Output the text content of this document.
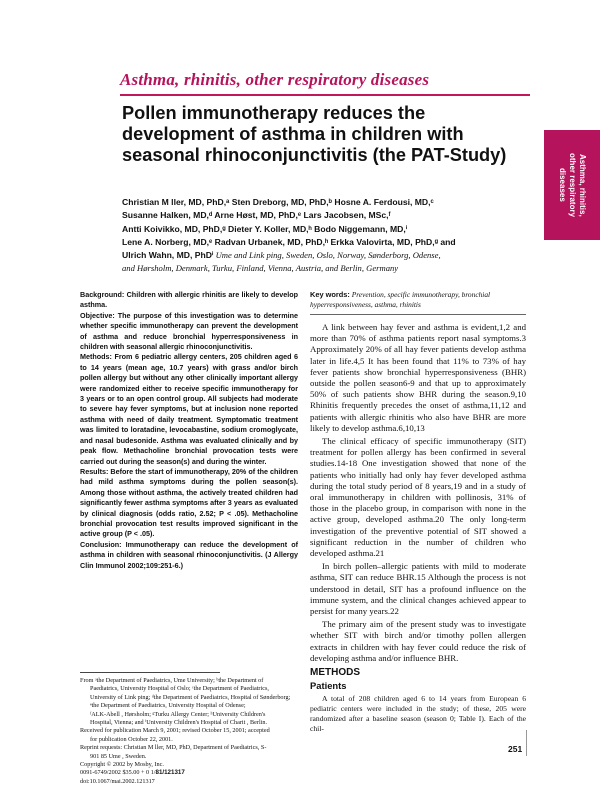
Asthma, rhinitis, other respiratory diseases
Pollen immunotherapy reduces the development of asthma in children with seasonal rhinoconjunctivitis (the PAT-Study)
Christian M ller, MD, PhD,ᵃ Sten Dreborg, MD, PhD,ᵇ Hosne A. Ferdousi, MD,ᶜ
Susanne Halken, MD,ᵈ Arne Høst, MD, PhD,ᵉ Lars Jacobsen, MSc,ᶠ
Antti Koivikko, MD, PhD,ᵍ Dieter Y. Koller, MD,ʰ Bodo Niggemann, MD,ⁱ
Lene A. Norberg, MD,ᵉ Radvan Urbanek, MD, PhD,ʰ Erkka Valovirta, MD, PhD,ᵍ and
Ulrich Wahn, MD, PhDⁱ Ume and Link ping, Sweden, Oslo, Norway, Sønderborg, Odense,
and Hørsholm, Denmark, Turku, Finland, Vienna, Austria, and Berlin, Germany
Asthma, rhinitis,
other respiratory
diseases

Background: Children with allergic rhinitis are likely to develop asthma.

Objective: The purpose of this investigation was to determine whether specific immunotherapy can prevent the development of asthma and reduce bronchial hyperresponsiveness in children with seasonal allergic rhinoconjunctivitis.

Methods: From 6 pediatric allergy centers, 205 children aged 6 to 14 years (mean age, 10.7 years) with grass and/or birch pollen allergy but without any other clinically important allergy were randomized either to receive specific immunotherapy for 3 years or to an open control group. All subjects had moderate to severe hay fever symptoms, but at inclusion none reported asthma with need of daily treatment. Symptomatic treatment was limited to loratadine, levocabastine, sodium cromoglycate, and nasal budesonide. Asthma was evaluated clinically and by peak flow. Methacholine bronchial provocation tests were carried out during the season(s) and during the winter.

Results: Before the start of immunotherapy, 20% of the children had mild asthma symptoms during the pollen season(s). Among those without asthma, the actively treated children had significantly fewer asthma symptoms after 3 years as evaluated by clinical diagnosis (odds ratio, 2.52; P < .05). Methacholine bronchial provocation test results improved significant in the active group (P < .05).

Conclusion: Immunotherapy can reduce the development of asthma in children with seasonal rhinoconjunctivitis. (J Allergy Clin Immunol 2002;109:251-6.)

Key words: Prevention, specific immunotherapy, bronchial hyperresponsiveness, asthma, rhinitis

A link between hay fever and asthma is evident,1,2 and more than 70% of asthma patients report nasal symptoms.3 Approximately 20% of all hay fever patients develop asthma later in life.4,5 It has been found that 11% to 73% of hay fever patients show bronchial hyperresponsiveness (BHR) outside the pollen season6-9 and that up to approximately 50% of such patients show BHR during the season.9,10 Rhinitis frequently precedes the onset of asthma,11,12 and patients with allergic rhinitis who also have BHR are more likely to develop asthma.6,10,13

The clinical efficacy of specific immunotherapy (SIT) treatment for pollen allergy has been confirmed in several studies.14-18 One investigation showed that none of the patients who initially had only hay fever developed asthma during the total study period of 8 years,19 and in a study of oral immunotherapy in children with pollinosis, 31% of those in the placebo group, in comparison with none in the active group, developed asthma.20 The only long-term investigation of the preventive potential of SIT showed a significant reduction in the number of children who developed asthma.21

In birch pollen–allergic patients with mild to moderate asthma, SIT can reduce BHR.15 Although the process is not understood in detail, SIT has a profound influence on the immune system, and the clinical changes achieved appear to persist for many years.22

The primary aim of the present study was to investigate whether SIT with birch and/or timothy pollen allergen extracts in children with hay fever could reduce the risk of developing asthma and/or influence BHR.

METHODS
Patients

A total of 208 children aged 6 to 14 years from European 6 pediatric centers were included in the study; of these, 205 were randomized after a baseline season (season 0; Table I). Each of the chil-

From ᵃthe Department of Paediatrics, Ume University; ᵇthe Department of
Paediatrics, University Hospital of Oslo; ᶜthe Department of Paediatrics,
University of Link ping; ᵈthe Department of Paediatrics, Hospital of Sønderborg; ᵉthe Department of Paediatrics, University Hospital of Odense;
ᶠALK-Abell , Hørsholm; ᵍTurku Allergy Center; ʰUniversity Children's
Hospital, Vienna; and ⁱUniversity Children's Hospital of Charit , Berlin.
Received for publication March 9, 2001; revised October 15, 2001; accepted
for publication October 22, 2001.
Reprint requests: Christian M ller, MD, PhD, Department of Paediatrics, S-
901 85 Ume , Sweden.
Copyright © 2002 by Mosby, Inc.
0091-6749/2002 $35.00 + 0 1/81/121317
doi:10.1067/mai.2002.121317
251
